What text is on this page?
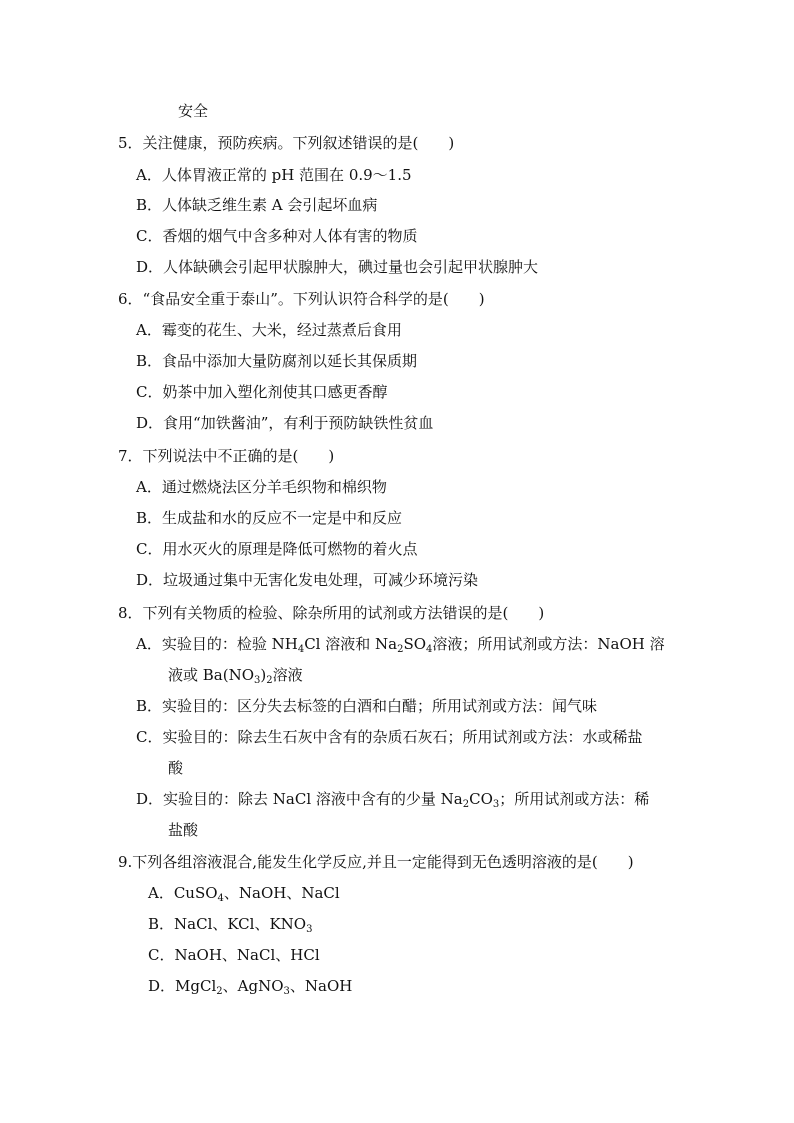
安全
5．关注健康，预防疾病。下列叙述错误的是(　　)
A．人体胃液正常的 pH 范围在 0.9～1.5
B．人体缺乏维生素 A 会引起坏血病
C．香烟的烟气中含多种对人体有害的物质
D．人体缺碘会引起甲状腺肿大，碘过量也会引起甲状腺肿大
6．“食品安全重于泰山”。下列认识符合科学的是(　　)
A．霉变的花生、大米，经过蒸煮后食用
B．食品中添加大量防腐剂以延长其保质期
C．奶茶中加入塑化剂使其口感更香醇
D．食用“加铁酱油”，有利于预防缺铁性贫血
7．下列说法中不正确的是(　　)
A．通过燃烧法区分羊毛织物和棉织物
B．生成盐和水的反应不一定是中和反应
C．用水灭火的原理是降低可燃物的着火点
D．垃圾通过集中无害化发电处理，可减少环境污染
8．下列有关物质的检验、除杂所用的试剂或方法错误的是(　　)
A．实验目的：检验 $NH_4Cl$ 溶液和 $Na_2SO_4$溶液；所用试剂或方法：NaOH 溶
液或 $Ba(NO_3)_2$溶液
B．实验目的：区分失去标签的白酒和白醋；所用试剂或方法：闻气味
C．实验目的：除去生石灰中含有的杂质石灰石；所用试剂或方法：水或稀盐
酸
D．实验目的：除去 NaCl 溶液中含有的少量 $Na_2CO_3$；所用试剂或方法：稀
盐酸
9.下列各组溶液混合,能发生化学反应,并且一定能得到无色透明溶液的是(　　)
A．CuSO$_4$、NaOH、NaCl
B．NaCl、KCl、$KNO_3$
C．NaOH、NaCl、HCl
D．MgCl$_2$、AgNO$_3$、NaOH
